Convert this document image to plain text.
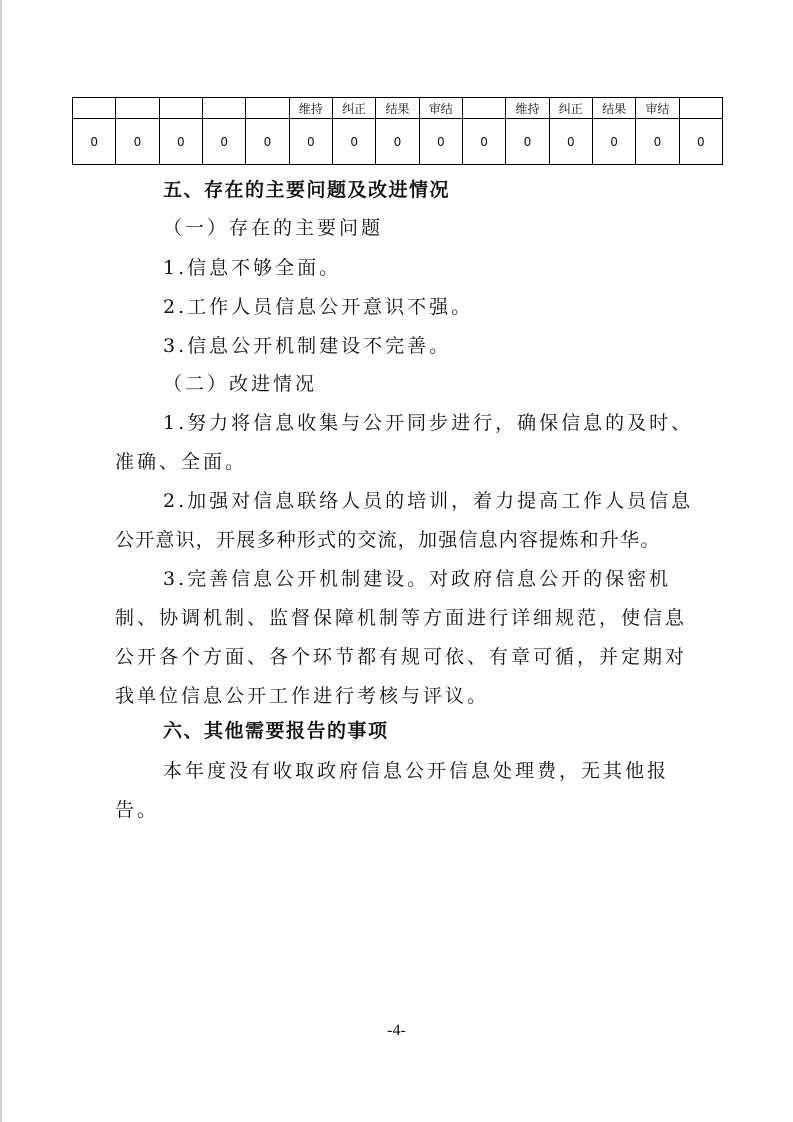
					维持	纠正	结果	审结		维持	纠正	结果	审结	
0	0	0	0	0	0	0	0	0	0	0	0	0	0	0
五、存在的主要问题及改进情况
（一）存在的主要问题
1.信息不够全面。
2.工作人员信息公开意识不强。
3.信息公开机制建设不完善。
（二）改进情况
1.努力将信息收集与公开同步进行，确保信息的及时、
准确、全面。
2.加强对信息联络人员的培训，着力提高工作人员信息
公开意识，开展多种形式的交流，加强信息内容提炼和升华。
3.完善信息公开机制建设。对政府信息公开的保密机
制、协调机制、监督保障机制等方面进行详细规范，使信息
公开各个方面、各个环节都有规可依、有章可循，并定期对
我单位信息公开工作进行考核与评议。
六、其他需要报告的事项
本年度没有收取政府信息公开信息处理费，无其他报
告。
-4-
